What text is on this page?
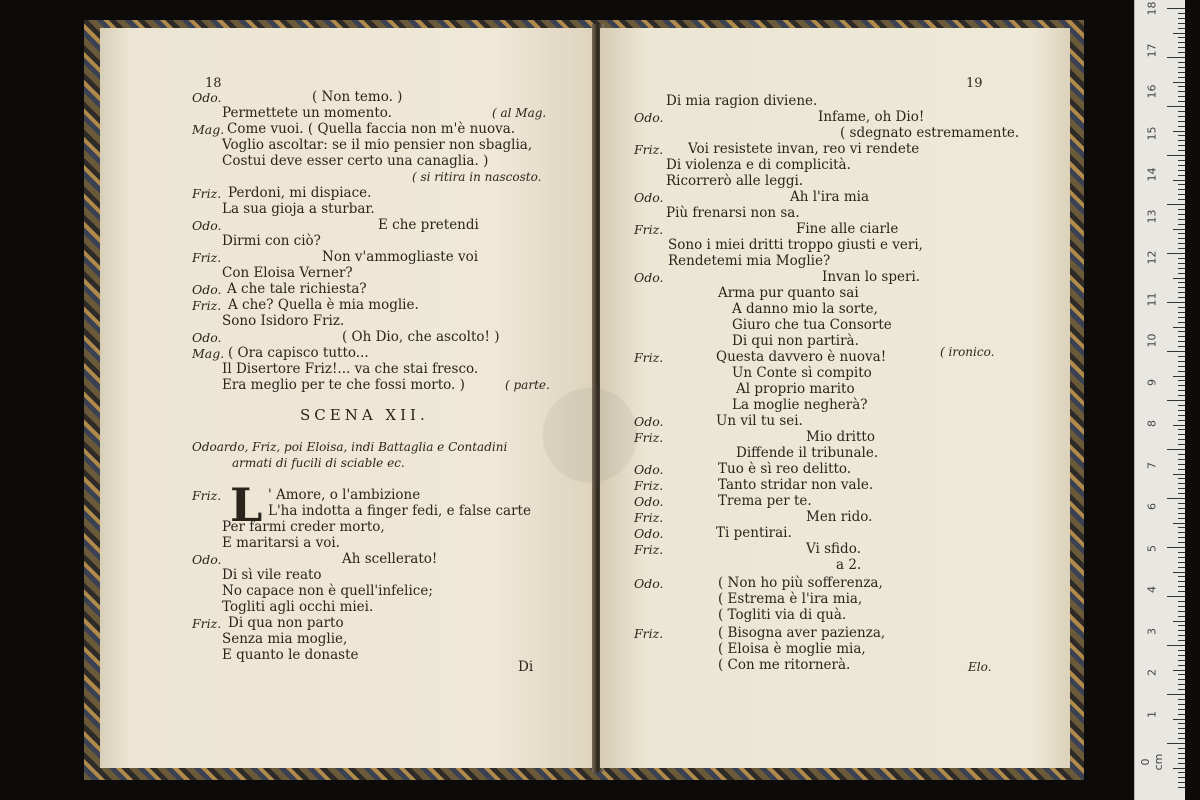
18
Odo.	( Non temo. )
Permettete un momento.
Mag. Come vuoi. ( Quella faccia non m'è nuova.
Voglio ascoltar: se il mio pensier non sbaglia,
Costui deve esser certo una canaglia. )
Friz. Perdoni, mi dispiace.
La sua gioja a sturbar.
Odo.	E che pretendi
Dirmi con ciò?
Friz.	Non v'ammogliaste voi
Con Eloisa Verner?
Odo. A che tale richiesta?
Friz. A che? Quella è mia moglie.
Sono Isidoro Friz.
Odo.	( Oh Dio, che ascolto! )
Mag. ( Ora capisco tutto...
Il Disertore Friz!... va che stai fresco.
Era meglio per te che fossi morto. )
( al Mag.
( si ritira in nascosto.
( parte.
SCENA XII.
Odoardo, Friz, poi Eloisa, indi Battaglia e Contadini
armati di fucili di sciable ec.
L
Friz.	' Amore, o l'ambizione
L'ha indotta a finger fedi, e false carte
Per farmi creder morto,
E maritarsi a voi.
Odo.	Ah scellerato!
Di sì vile reato
No capace non è quell'infelice;
Togliti agli occhi miei.
Friz. Di qua non parto
Senza mia moglie,
E quanto le donaste
Di
19
Di mia ragion diviene.
Odo.	Infame, oh Dio!
( sdegnato estremamente.
Friz. Voi resistete invan, reo vi rendete
Di violenza e di complicità.
Ricorrerò alle leggi.
Odo.	Ah l'ira mia
Più frenarsi non sa.
Friz.	Fine alle ciarle
Sono i miei dritti troppo giusti e veri,
Rendetemi mia Moglie?
Odo.	Invan lo speri.
Arma pur quanto sai
A danno mio la sorte,
Giuro che tua Consorte
Di qui non partirà.
Friz.	Questa davvero è nuova!
Un Conte sì compito
Al proprio marito
La moglie negherà?
Odo.	Un vil tu sei.
Friz.	Mio dritto
Diffende il tribunale.
Odo.	Tuo è sì reo delitto.
Friz.	Tanto stridar non vale.
Odo.	Trema per te.
Friz.	Men rido.
Odo.	Ti pentirai.
Friz.	Vi sfido.
a 2.
Odo.	( Non ho più sofferenza,
( Estrema è l'ira mia,
( Togliti via di quà.
Friz.	( Bisogna aver pazienza,
( Eloisa è moglie mia,
( Con me ritornerà.
( ironico.
Elo.
18
17
16
15
14
13
12
11
10
9
8
7
6
5
4
3
2
1
0 cm
